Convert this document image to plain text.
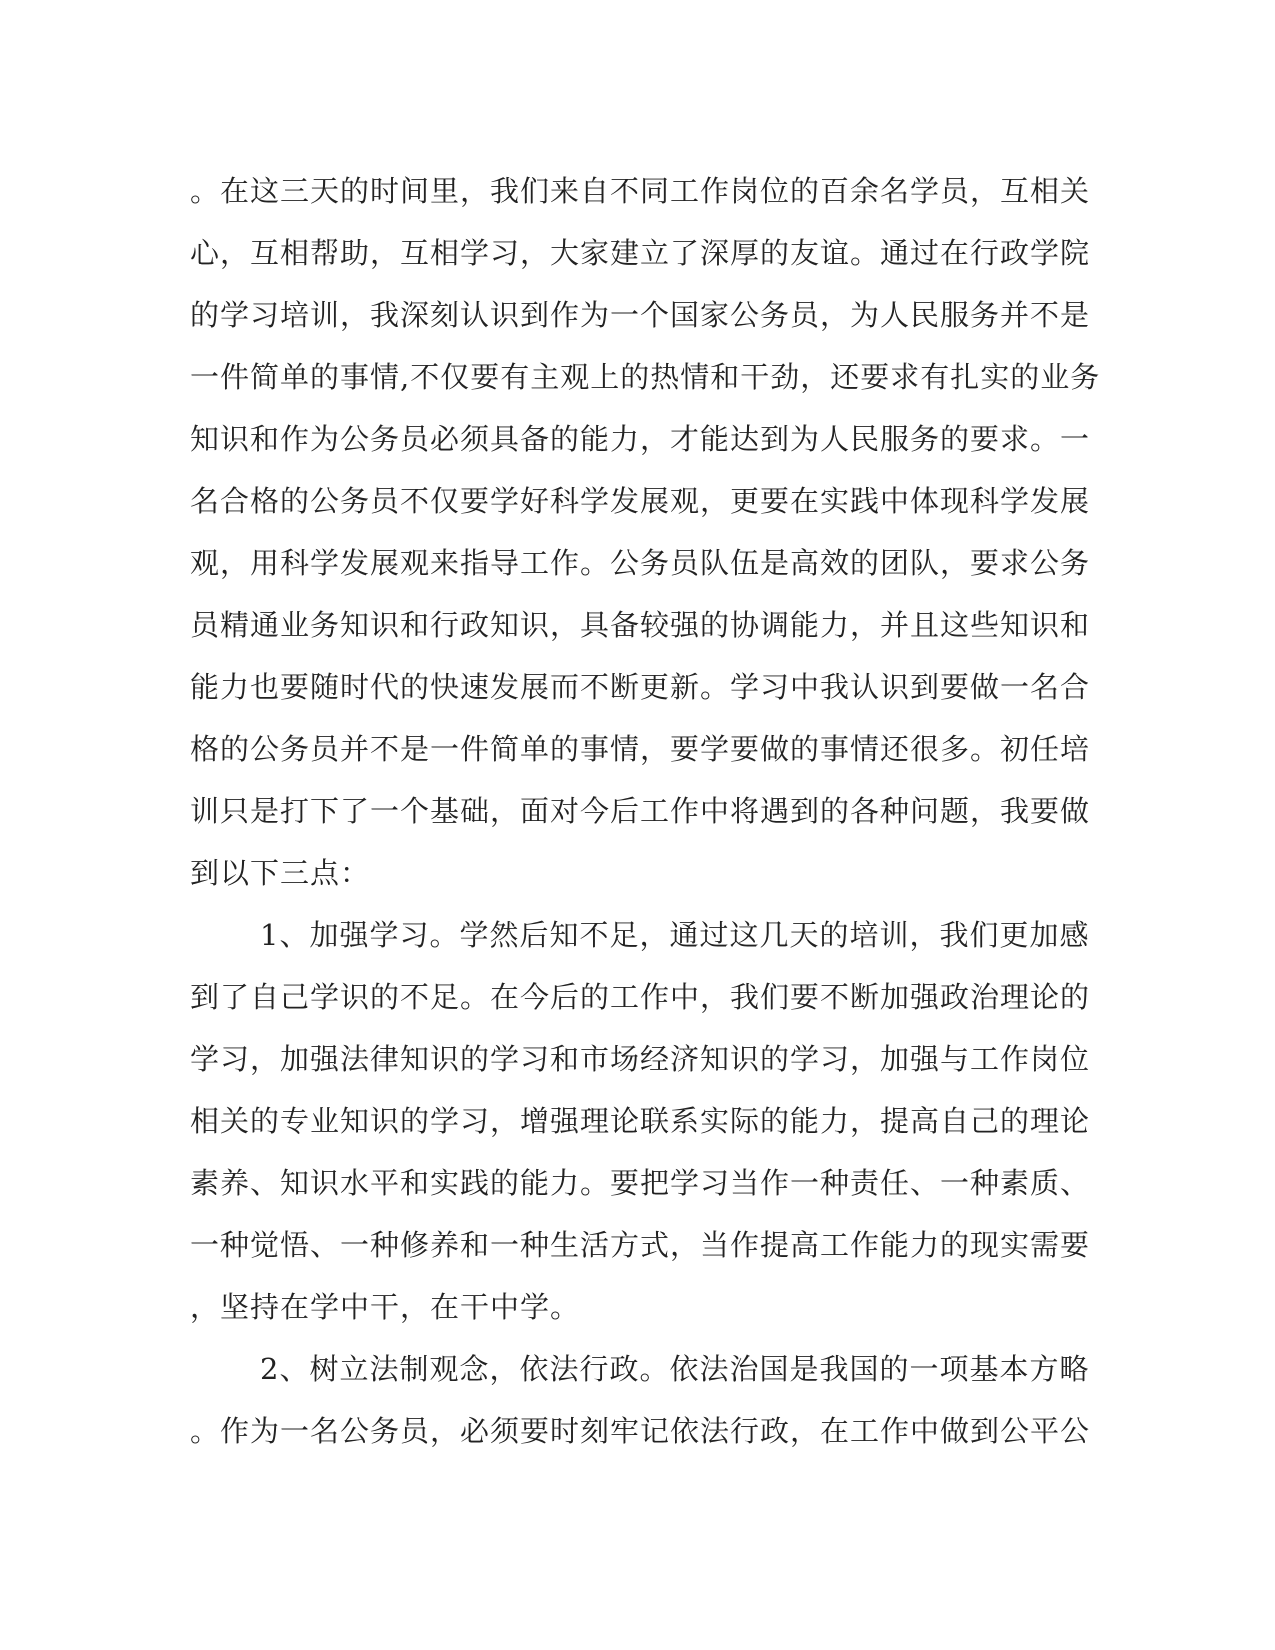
。在这三天的时间里，我们来自不同工作岗位的百余名学员，互相关
心，互相帮助，互相学习，大家建立了深厚的友谊。通过在行政学院
的学习培训，我深刻认识到作为一个国家公务员，为人民服务并不是
一件简单的事情,不仅要有主观上的热情和干劲，还要求有扎实的业务
知识和作为公务员必须具备的能力，才能达到为人民服务的要求。一
名合格的公务员不仅要学好科学发展观，更要在实践中体现科学发展
观，用科学发展观来指导工作。公务员队伍是高效的团队，要求公务
员精通业务知识和行政知识，具备较强的协调能力，并且这些知识和
能力也要随时代的快速发展而不断更新。学习中我认识到要做一名合
格的公务员并不是一件简单的事情，要学要做的事情还很多。初任培
训只是打下了一个基础，面对今后工作中将遇到的各种问题，我要做
到以下三点：
1、加强学习。学然后知不足，通过这几天的培训，我们更加感
到了自己学识的不足。在今后的工作中，我们要不断加强政治理论的
学习，加强法律知识的学习和市场经济知识的学习，加强与工作岗位
相关的专业知识的学习，增强理论联系实际的能力，提高自己的理论
素养、知识水平和实践的能力。要把学习当作一种责任、一种素质、
一种觉悟、一种修养和一种生活方式，当作提高工作能力的现实需要
，坚持在学中干，在干中学。
2、树立法制观念，依法行政。依法治国是我国的一项基本方略
。作为一名公务员，必须要时刻牢记依法行政，在工作中做到公平公
